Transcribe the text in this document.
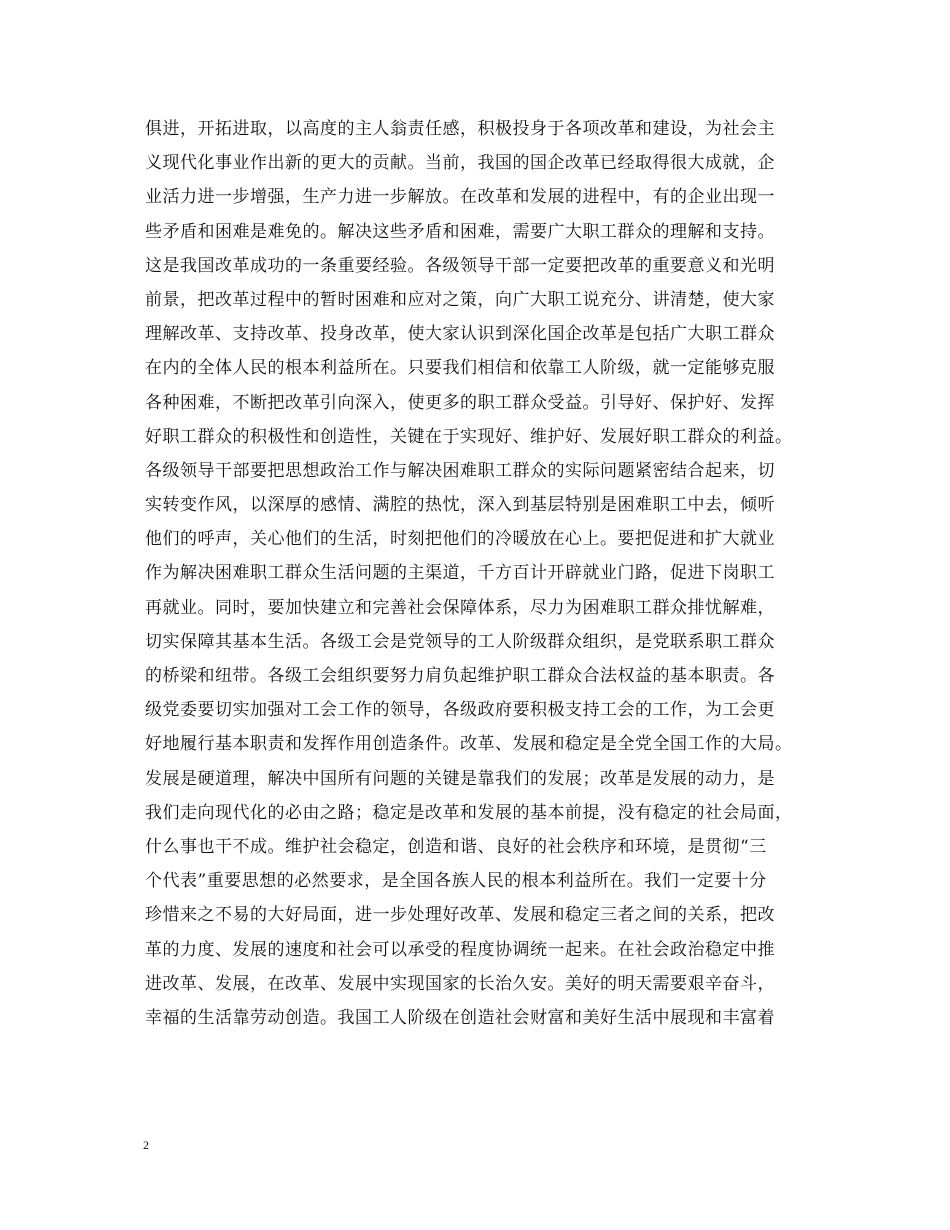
俱进，开拓进取，以高度的主人翁责任感，积极投身于各项改革和建设，为社会主
义现代化事业作出新的更大的贡献。当前，我国的国企改革已经取得很大成就，企
业活力进一步增强，生产力进一步解放。在改革和发展的进程中，有的企业出现一
些矛盾和困难是难免的。解决这些矛盾和困难，需要广大职工群众的理解和支持。
这是我国改革成功的一条重要经验。各级领导干部一定要把改革的重要意义和光明
前景，把改革过程中的暂时困难和应对之策，向广大职工说充分、讲清楚，使大家
理解改革、支持改革、投身改革，使大家认识到深化国企改革是包括广大职工群众
在内的全体人民的根本利益所在。只要我们相信和依靠工人阶级，就一定能够克服
各种困难，不断把改革引向深入，使更多的职工群众受益。引导好、保护好、发挥
好职工群众的积极性和创造性，关键在于实现好、维护好、发展好职工群众的利益。
各级领导干部要把思想政治工作与解决困难职工群众的实际问题紧密结合起来，切
实转变作风，以深厚的感情、满腔的热忱，深入到基层特别是困难职工中去，倾听
他们的呼声，关心他们的生活，时刻把他们的冷暖放在心上。要把促进和扩大就业
作为解决困难职工群众生活问题的主渠道，千方百计开辟就业门路，促进下岗职工
再就业。同时，要加快建立和完善社会保障体系，尽力为困难职工群众排忧解难，
切实保障其基本生活。各级工会是党领导的工人阶级群众组织，是党联系职工群众
的桥梁和纽带。各级工会组织要努力肩负起维护职工群众合法权益的基本职责。各
级党委要切实加强对工会工作的领导，各级政府要积极支持工会的工作，为工会更
好地履行基本职责和发挥作用创造条件。改革、发展和稳定是全党全国工作的大局。
发展是硬道理，解决中国所有问题的关键是靠我们的发展；改革是发展的动力，是
我们走向现代化的必由之路；稳定是改革和发展的基本前提，没有稳定的社会局面，
什么事也干不成。维护社会稳定，创造和谐、良好的社会秩序和环境，是贯彻“三
个代表”重要思想的必然要求，是全国各族人民的根本利益所在。我们一定要十分
珍惜来之不易的大好局面，进一步处理好改革、发展和稳定三者之间的关系，把改
革的力度、发展的速度和社会可以承受的程度协调统一起来。在社会政治稳定中推
进改革、发展，在改革、发展中实现国家的长治久安。美好的明天需要艰辛奋斗，
幸福的生活靠劳动创造。我国工人阶级在创造社会财富和美好生活中展现和丰富着
2
